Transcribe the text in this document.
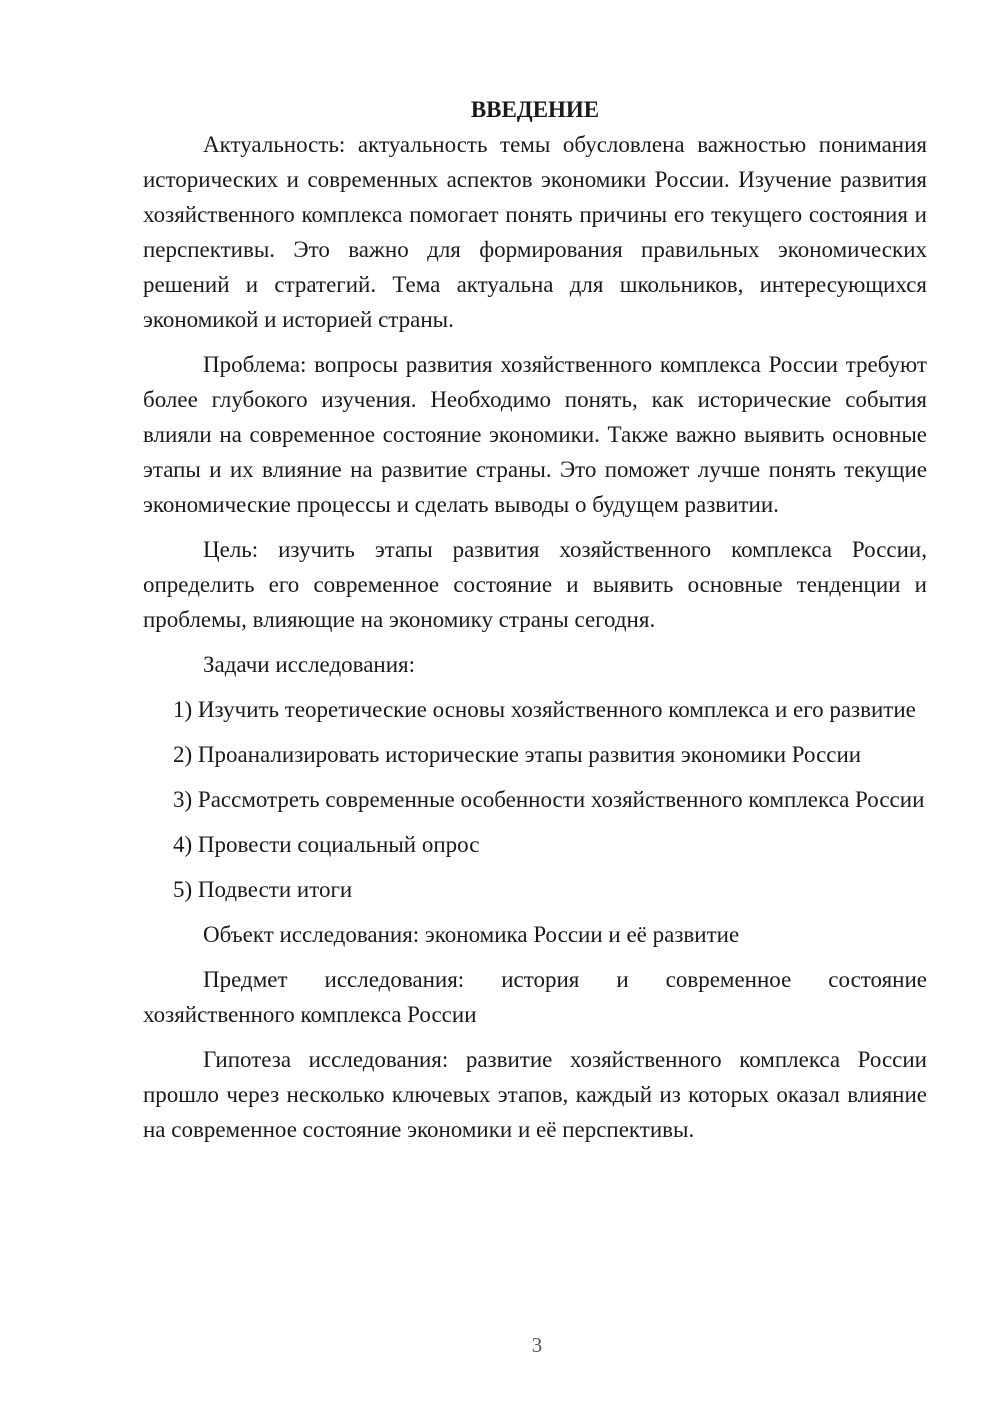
ВВЕДЕНИЕ

Актуальность: актуальность темы обусловлена важностью понимания исторических и современных аспектов экономики России. Изучение развития хозяйственного комплекса помогает понять причины его текущего состояния и перспективы. Это важно для формирования правильных экономических решений и стратегий. Тема актуальна для школьников, интересующихся экономикой и историей страны.

Проблема: вопросы развития хозяйственного комплекса России требуют более глубокого изучения. Необходимо понять, как исторические события влияли на современное состояние экономики. Также важно выявить основные этапы и их влияние на развитие страны. Это поможет лучше понять текущие экономические процессы и сделать выводы о будущем развитии.

Цель: изучить этапы развития хозяйственного комплекса России, определить его современное состояние и выявить основные тенденции и проблемы, влияющие на экономику страны сегодня.

Задачи исследования:

1) Изучить теоретические основы хозяйственного комплекса и его развитие

2) Проанализировать исторические этапы развития экономики России

3) Рассмотреть современные особенности хозяйственного комплекса России

4) Провести социальный опрос

5) Подвести итоги

Объект исследования: экономика России и её развитие

Предмет исследования: история и современное состояние хозяйственного комплекса России

Гипотеза исследования: развитие хозяйственного комплекса России прошло через несколько ключевых этапов, каждый из которых оказал влияние на современное состояние экономики и её перспективы.

3
